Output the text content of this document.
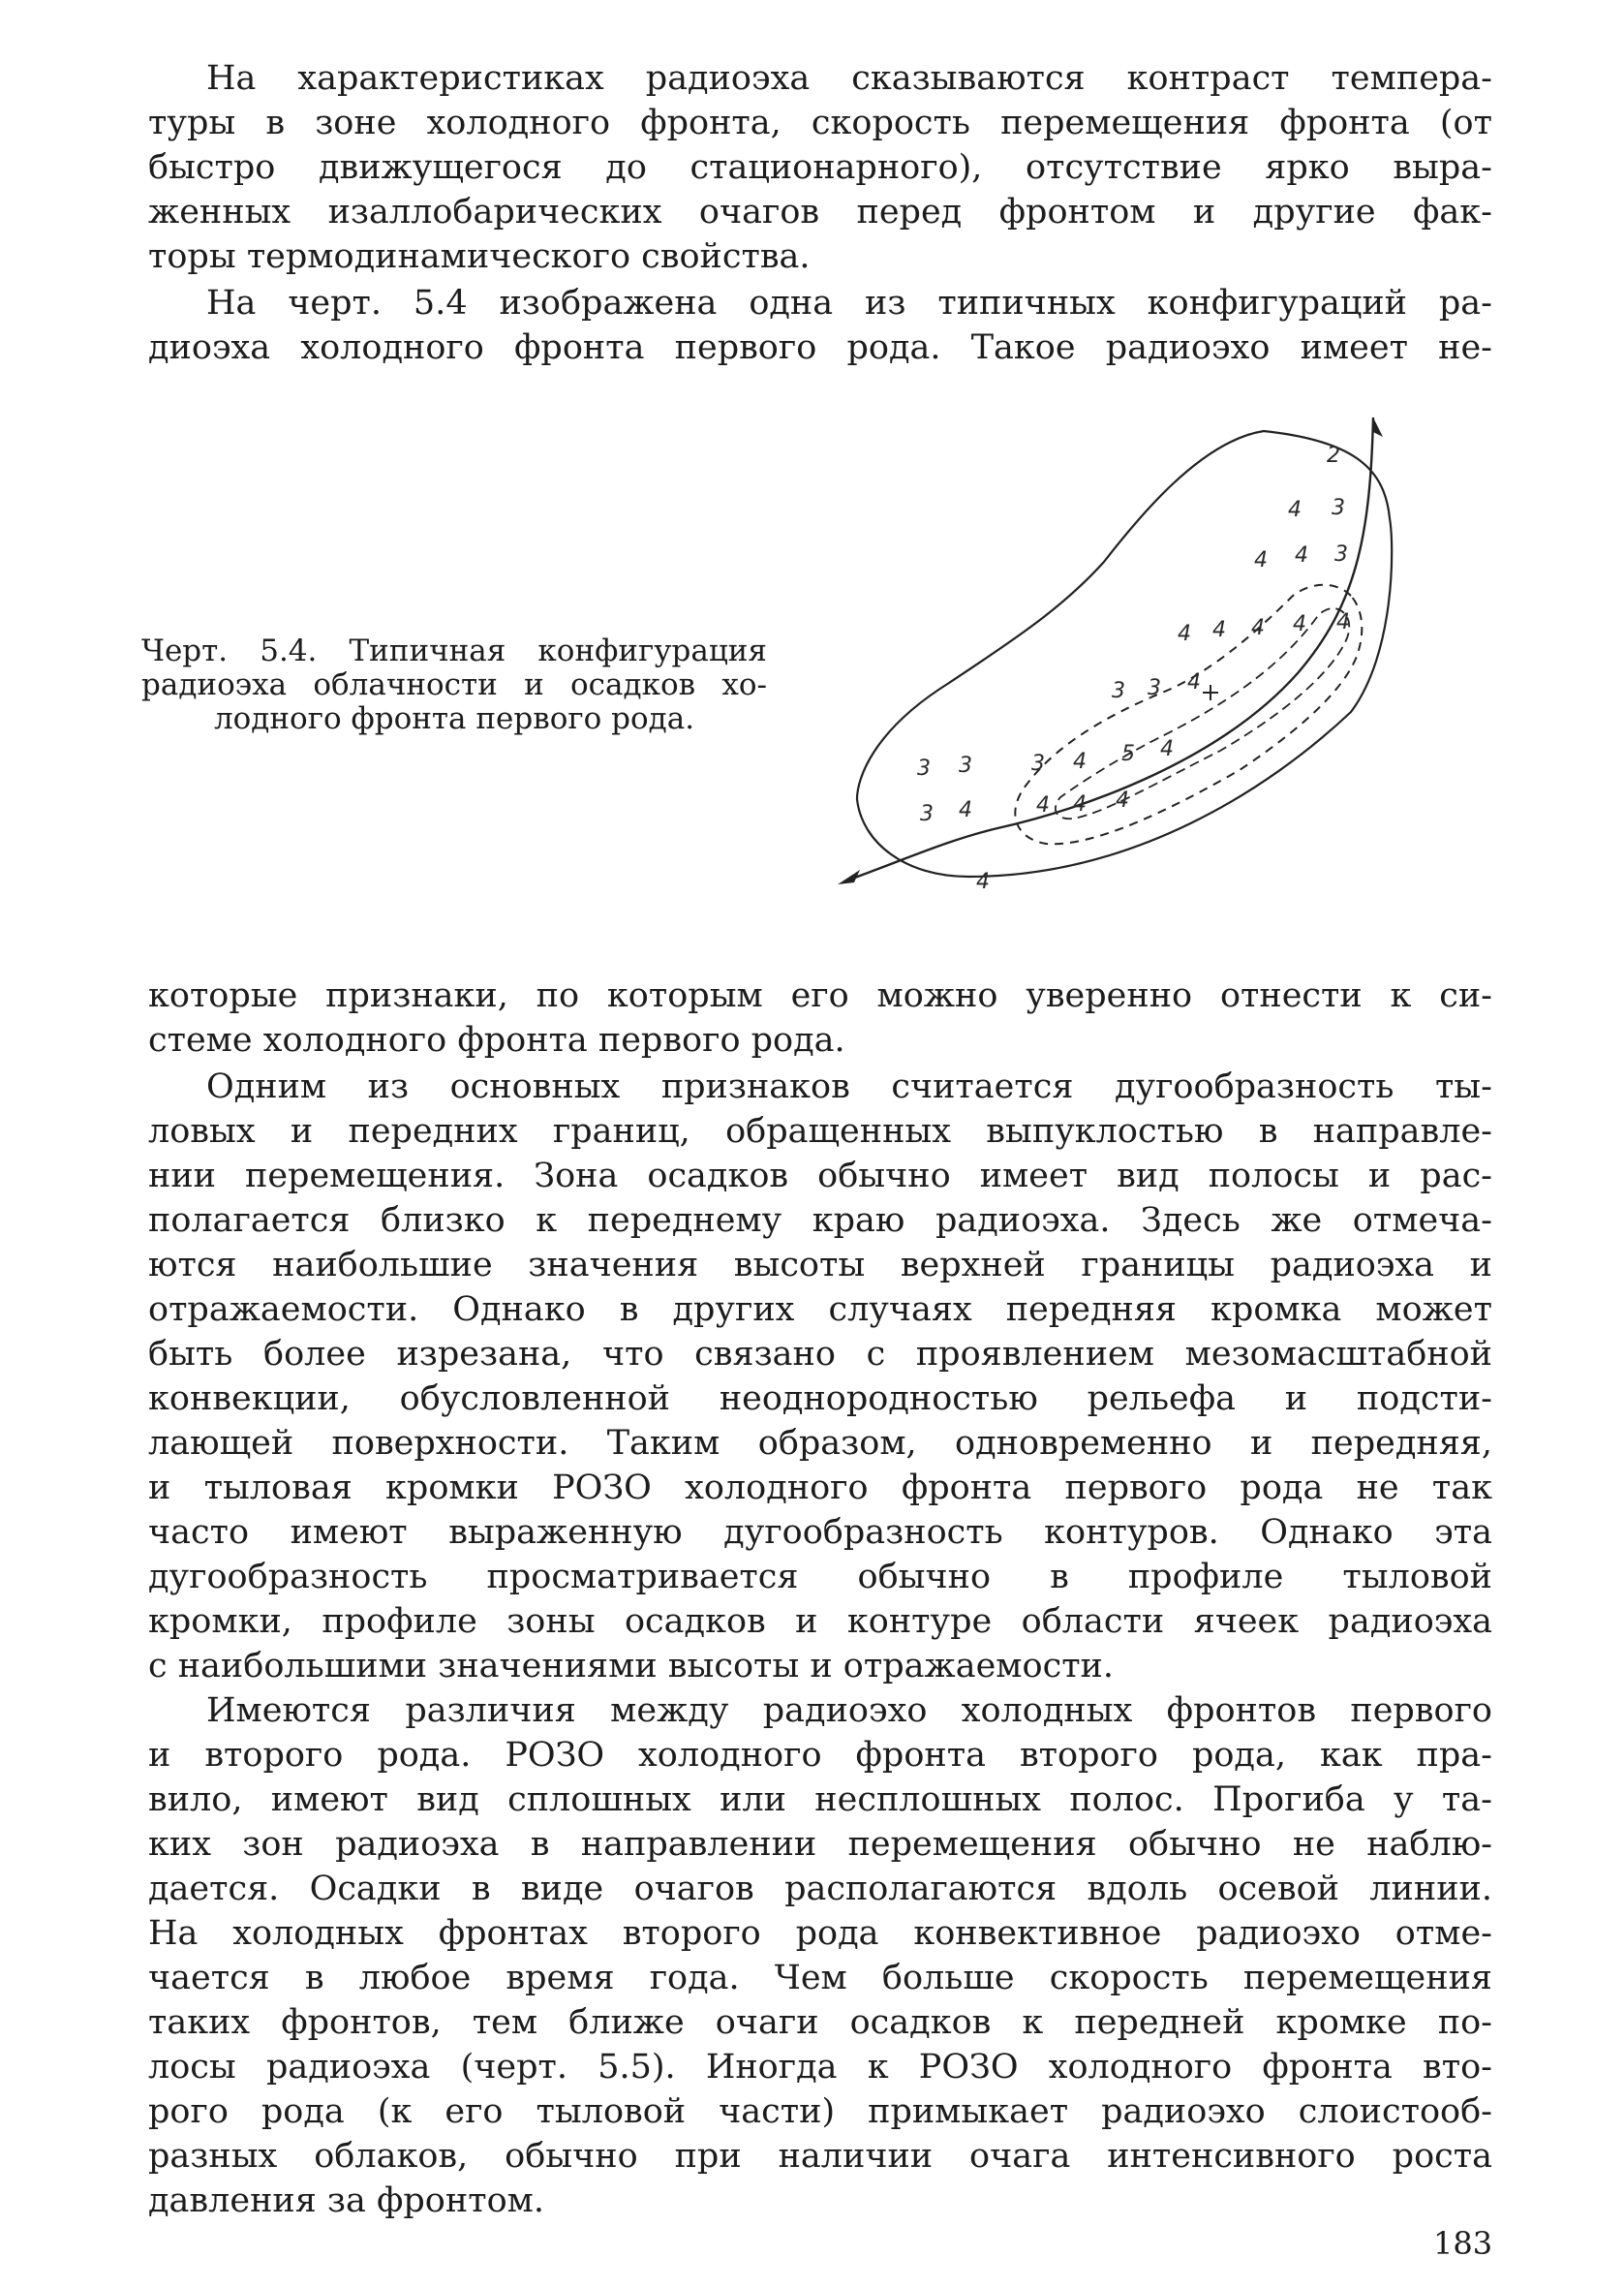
На характеристиках радиоэха сказываются контраст темпера-
туры в зоне холодного фронта, скорость перемещения фронта (от
быстро движущегося до стационарного), отсутствие ярко выра-
женных изаллобарических очагов перед фронтом и другие фак-
торы термодинамического свойства.
На черт. 5.4 изображена одна из типичных конфигураций ра-
диоэха холодного фронта первого рода. Такое радиоэхо имеет не-
Черт. 5.4. Типичная конфигурация
радиоэха облачности и осадков хо-
лодного фронта первого рода.
2
4 3
4 4 3
4 4 4 4 4
3 3 4
3 3	3 4 5 4
3 4	4 4 4
4
которые признаки, по которым его можно уверенно отнести к си-
стеме холодного фронта первого рода.
Одним из основных признаков считается дугообразность ты-
ловых и передних границ, обращенных выпуклостью в направле-
нии перемещения. Зона осадков обычно имеет вид полосы и рас-
полагается близко к переднему краю радиоэха. Здесь же отмеча-
ются наибольшие значения высоты верхней границы радиоэха и
отражаемости. Однако в других случаях передняя кромка может
быть более изрезана, что связано с проявлением мезомасштабной
конвекции, обусловленной неоднородностью рельефа и подсти-
лающей поверхности. Таким образом, одновременно и передняя,
и тыловая кромки РОЗО холодного фронта первого рода не так
часто имеют выраженную дугообразность контуров. Однако эта
дугообразность просматривается обычно в профиле тыловой
кромки, профиле зоны осадков и контуре области ячеек радиоэха
с наибольшими значениями высоты и отражаемости.
Имеются различия между радиоэхо холодных фронтов первого
и второго рода. РОЗО холодного фронта второго рода, как пра-
вило, имеют вид сплошных или несплошных полос. Прогиба у та-
ких зон радиоэха в направлении перемещения обычно не наблю-
дается. Осадки в виде очагов располагаются вдоль осевой линии.
На холодных фронтах второго рода конвективное радиоэхо отме-
чается в любое время года. Чем больше скорость перемещения
таких фронтов, тем ближе очаги осадков к передней кромке по-
лосы радиоэха (черт. 5.5). Иногда к РОЗО холодного фронта вто-
рого рода (к его тыловой части) примыкает радиоэхо слоистооб-
разных облаков, обычно при наличии очага интенсивного роста
давления за фронтом.
183
